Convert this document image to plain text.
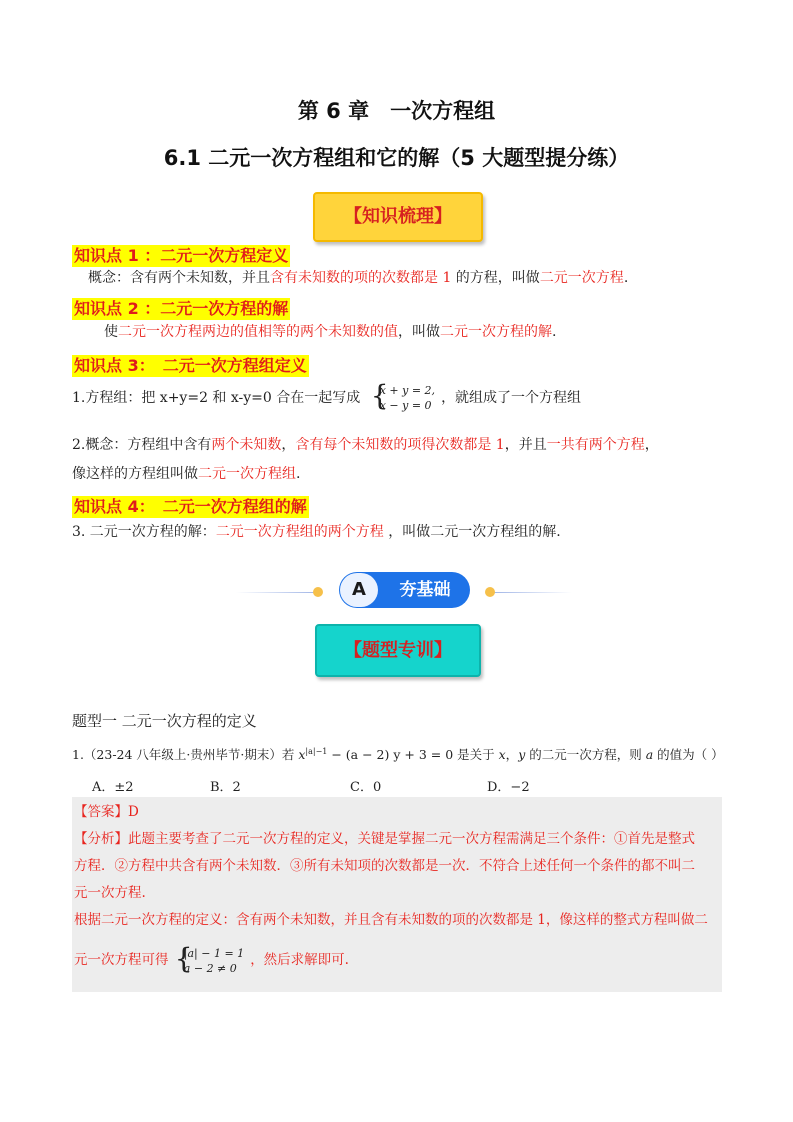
第 6 章　一次方程组
6.1 二元一次方程组和它的解（5 大题型提分练）
【知识梳理】
知识点 1 ：二元一次方程定义
概念：含有两个未知数，并且含有未知数的项的次数都是 1 的方程，叫做二元一次方程.
知识点 2 ：二元一次方程的解
使二元一次方程两边的值相等的两个未知数的值，叫做二元一次方程的解.
知识点 3：　二元一次方程组定义
1.方程组：把 x+y=2 和 x-y=0 合在一起写成 {
x + y = 2,
x − y = 0 ，就组成了一个方程组
2.概念：方程组中含有两个未知数，含有每个未知数的项得次数都是 1，并且一共有两个方程，
像这样的方程组叫做二元一次方程组.
知识点 4：　二元一次方程组的解
3. 二元一次方程的解：二元一次方程组的两个方程 ，叫做二元一次方程组的解.
A	夯基础
【题型专训】
题型一 二元一次方程的定义
1.（23-24 八年级上·贵州毕节·期末）若 $x^{|a|-1} - (a - 2) y + 3 = 0$ 是关于 x，y 的二元一次方程，则 a 的值为（ ）
A．±2	B．2	C．0	D．−2
【答案】D
【分析】此题主要考查了二元一次方程的定义，关键是掌握二元一次方程需满足三个条件：①首先是整式
方程．②方程中共含有两个未知数．③所有未知项的次数都是一次．不符合上述任何一个条件的都不叫二
元一次方程.
根据二元一次方程的定义：含有两个未知数，并且含有未知数的项的次数都是 1，像这样的整式方程叫做二
元一次方程可得 {
|a| − 1 = 1
a − 2 ≠ 0 ，然后求解即可.
